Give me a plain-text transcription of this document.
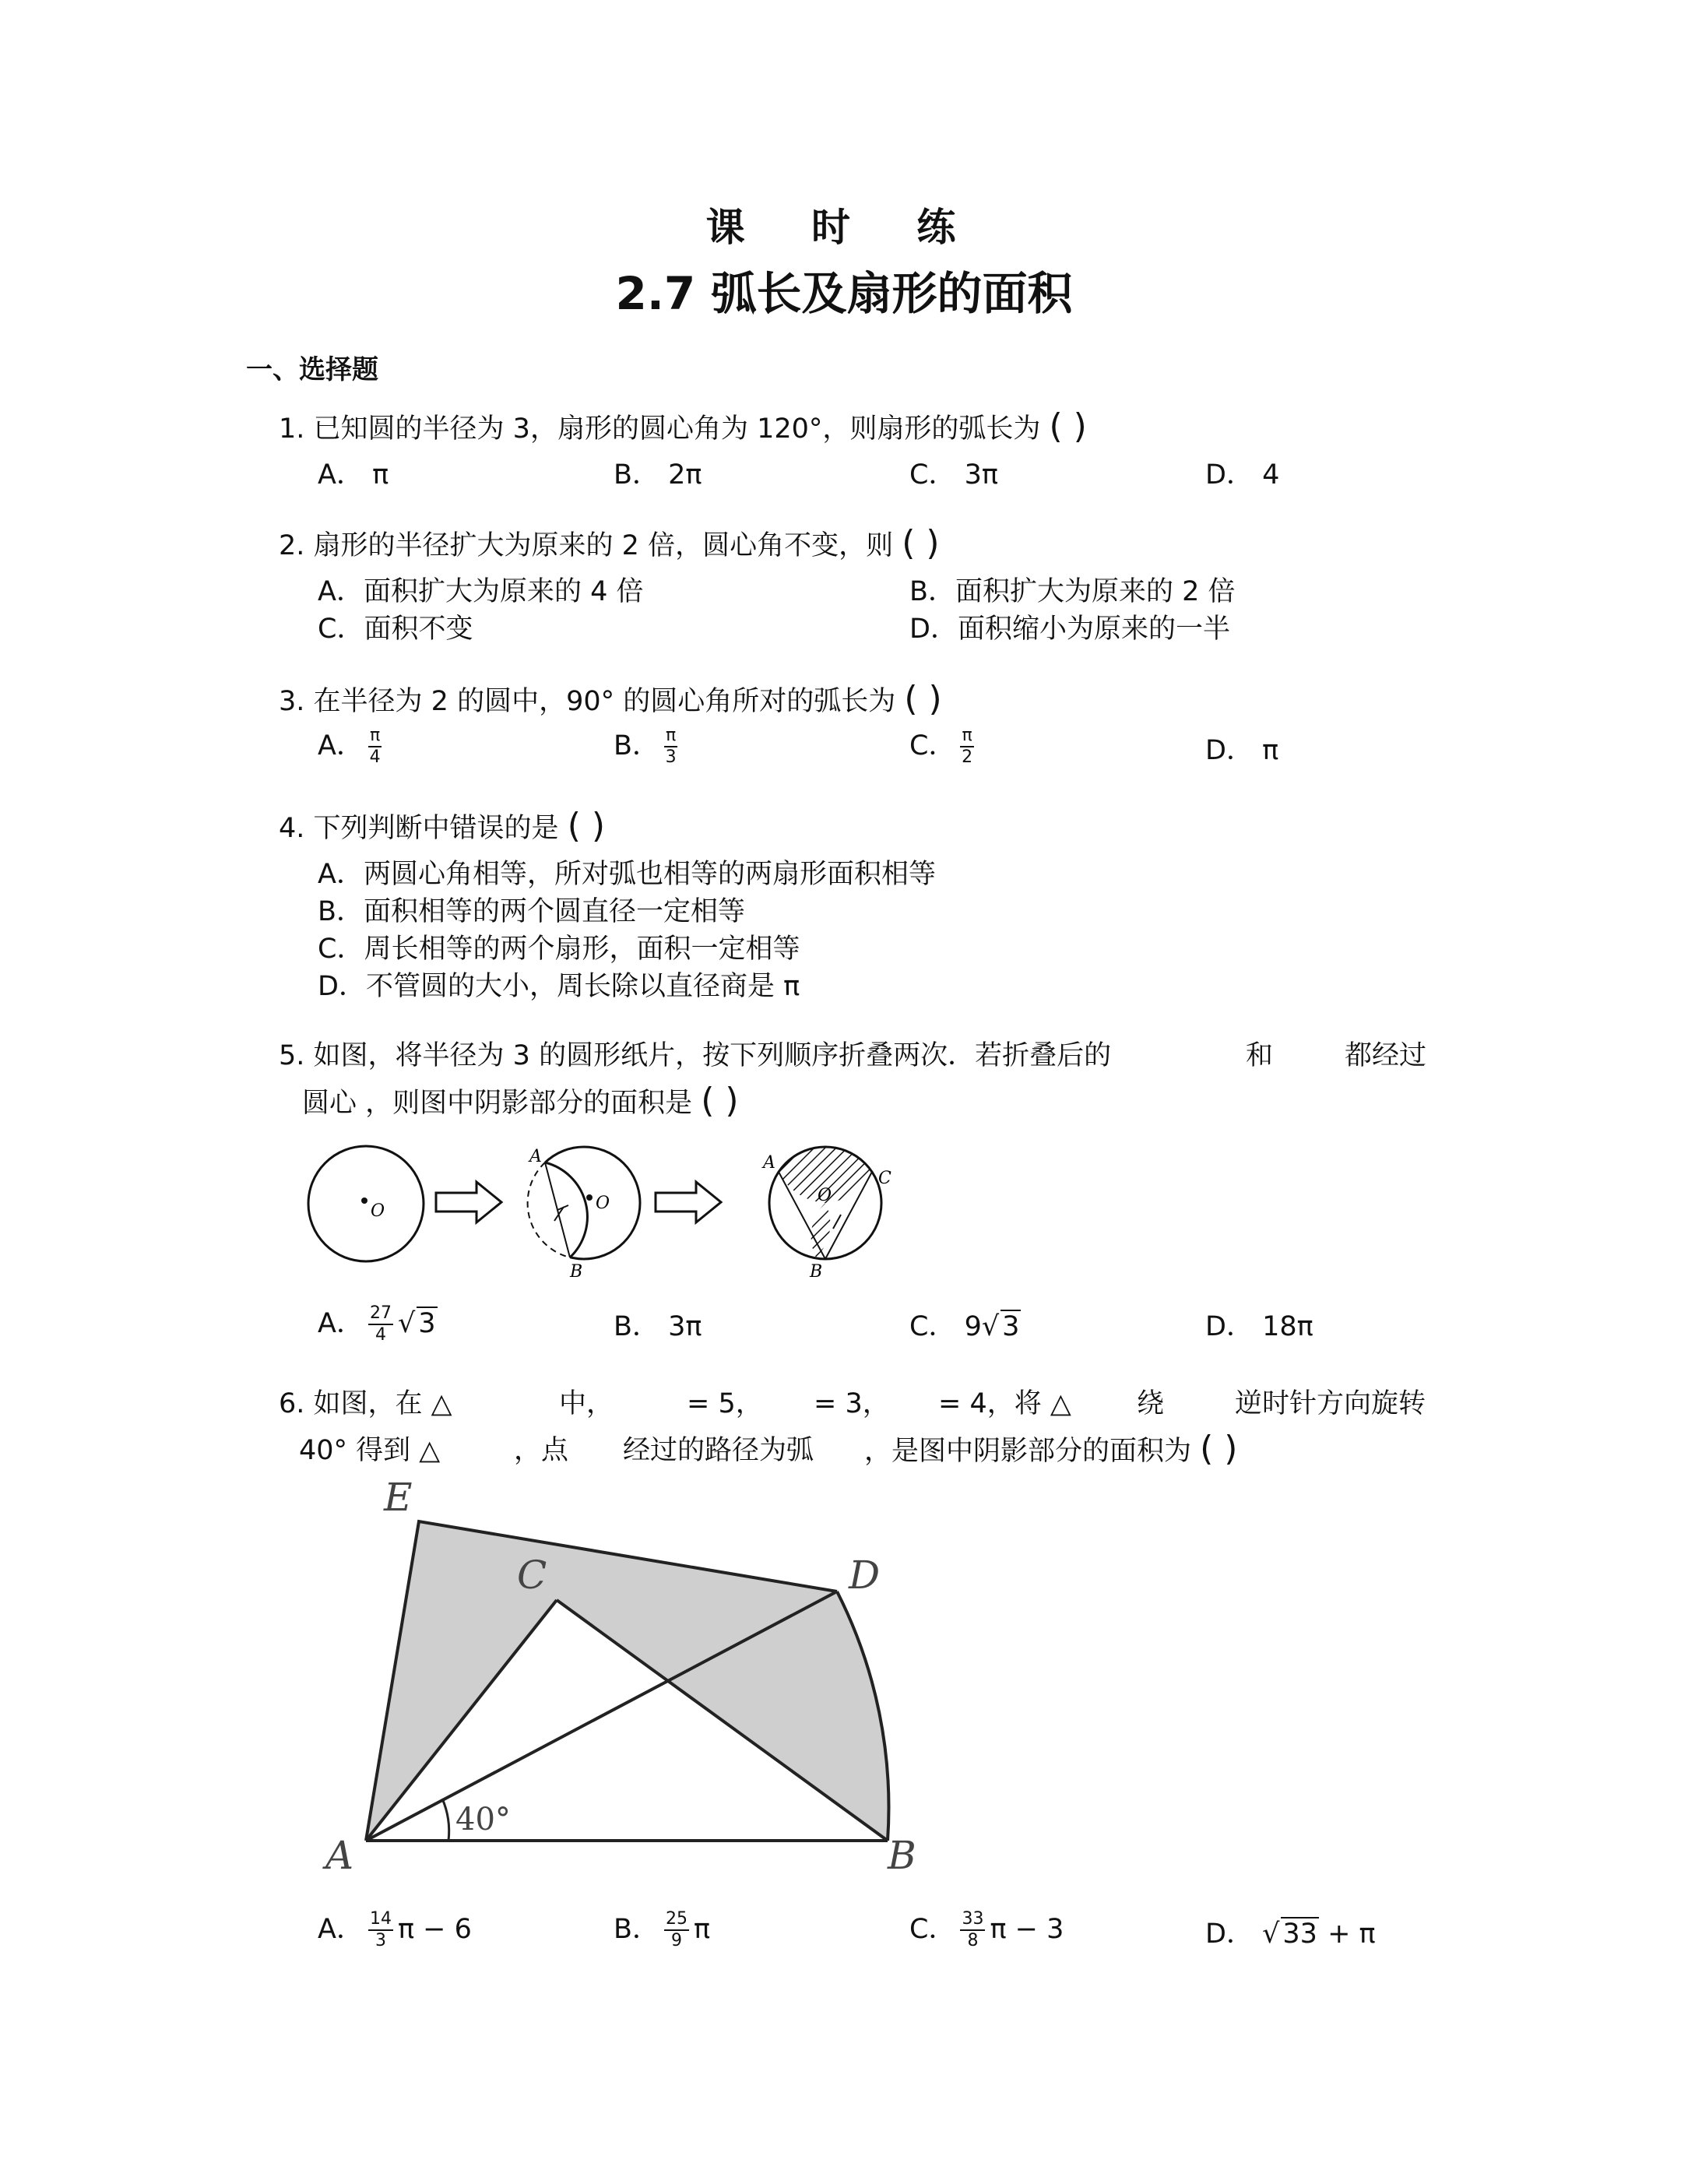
课 时 练
2.7 弧长及扇形的面积
一、选择题
1. 已知圆的半径为 3，扇形的圆心角为 120°，则扇形的弧长为 ( )
A． π	B． 2π	C． 3π	D． 4
2. 扇形的半径扩大为原来的 2 倍，圆心角不变，则 ( )
A．面积扩大为原来的 4 倍	B．面积扩大为原来的 2 倍
C．面积不变	D．面积缩小为原来的一半
3. 在半径为 2 的圆中，90° 的圆心角所对的弧长为 ( )
A． $\frac{\pi}{4}$	B． $\frac{\pi}{3}$	C． $\frac{\pi}{2}$	D． π
4. 下列判断中错误的是 ( )
A．两圆心角相等，所对弧也相等的两扇形面积相等
B．面积相等的两个圆直径一定相等
C．周长相等的两个扇形，面积一定相等
D．不管圆的大小，周长除以直径商是 π
5. 如图，将半径为 3 的圆形纸片，按下列顺序折叠两次．若折叠后的	和	都经过
圆心 ，则图中阴影部分的面积是 ( )
O	O
A
B
O
A
C
B
A． $\frac{27}{4}$ √ 3	B． 3π	C． 9√ 3	D． 18π
6. 如图，在 △	中，	= 5， = 3， = 4，将 △ 绕	逆时针方向旋转
40° 得到 △	，点 经过的路径为弧 ，是图中阴影部分的面积为 ( )
E
C	D
A	B
40°
A． $\frac{14}{3}$ π − 6	B． $\frac{25}{9}$ π	C． $\frac{33}{8}$ π − 3	D． √ 33 + π
